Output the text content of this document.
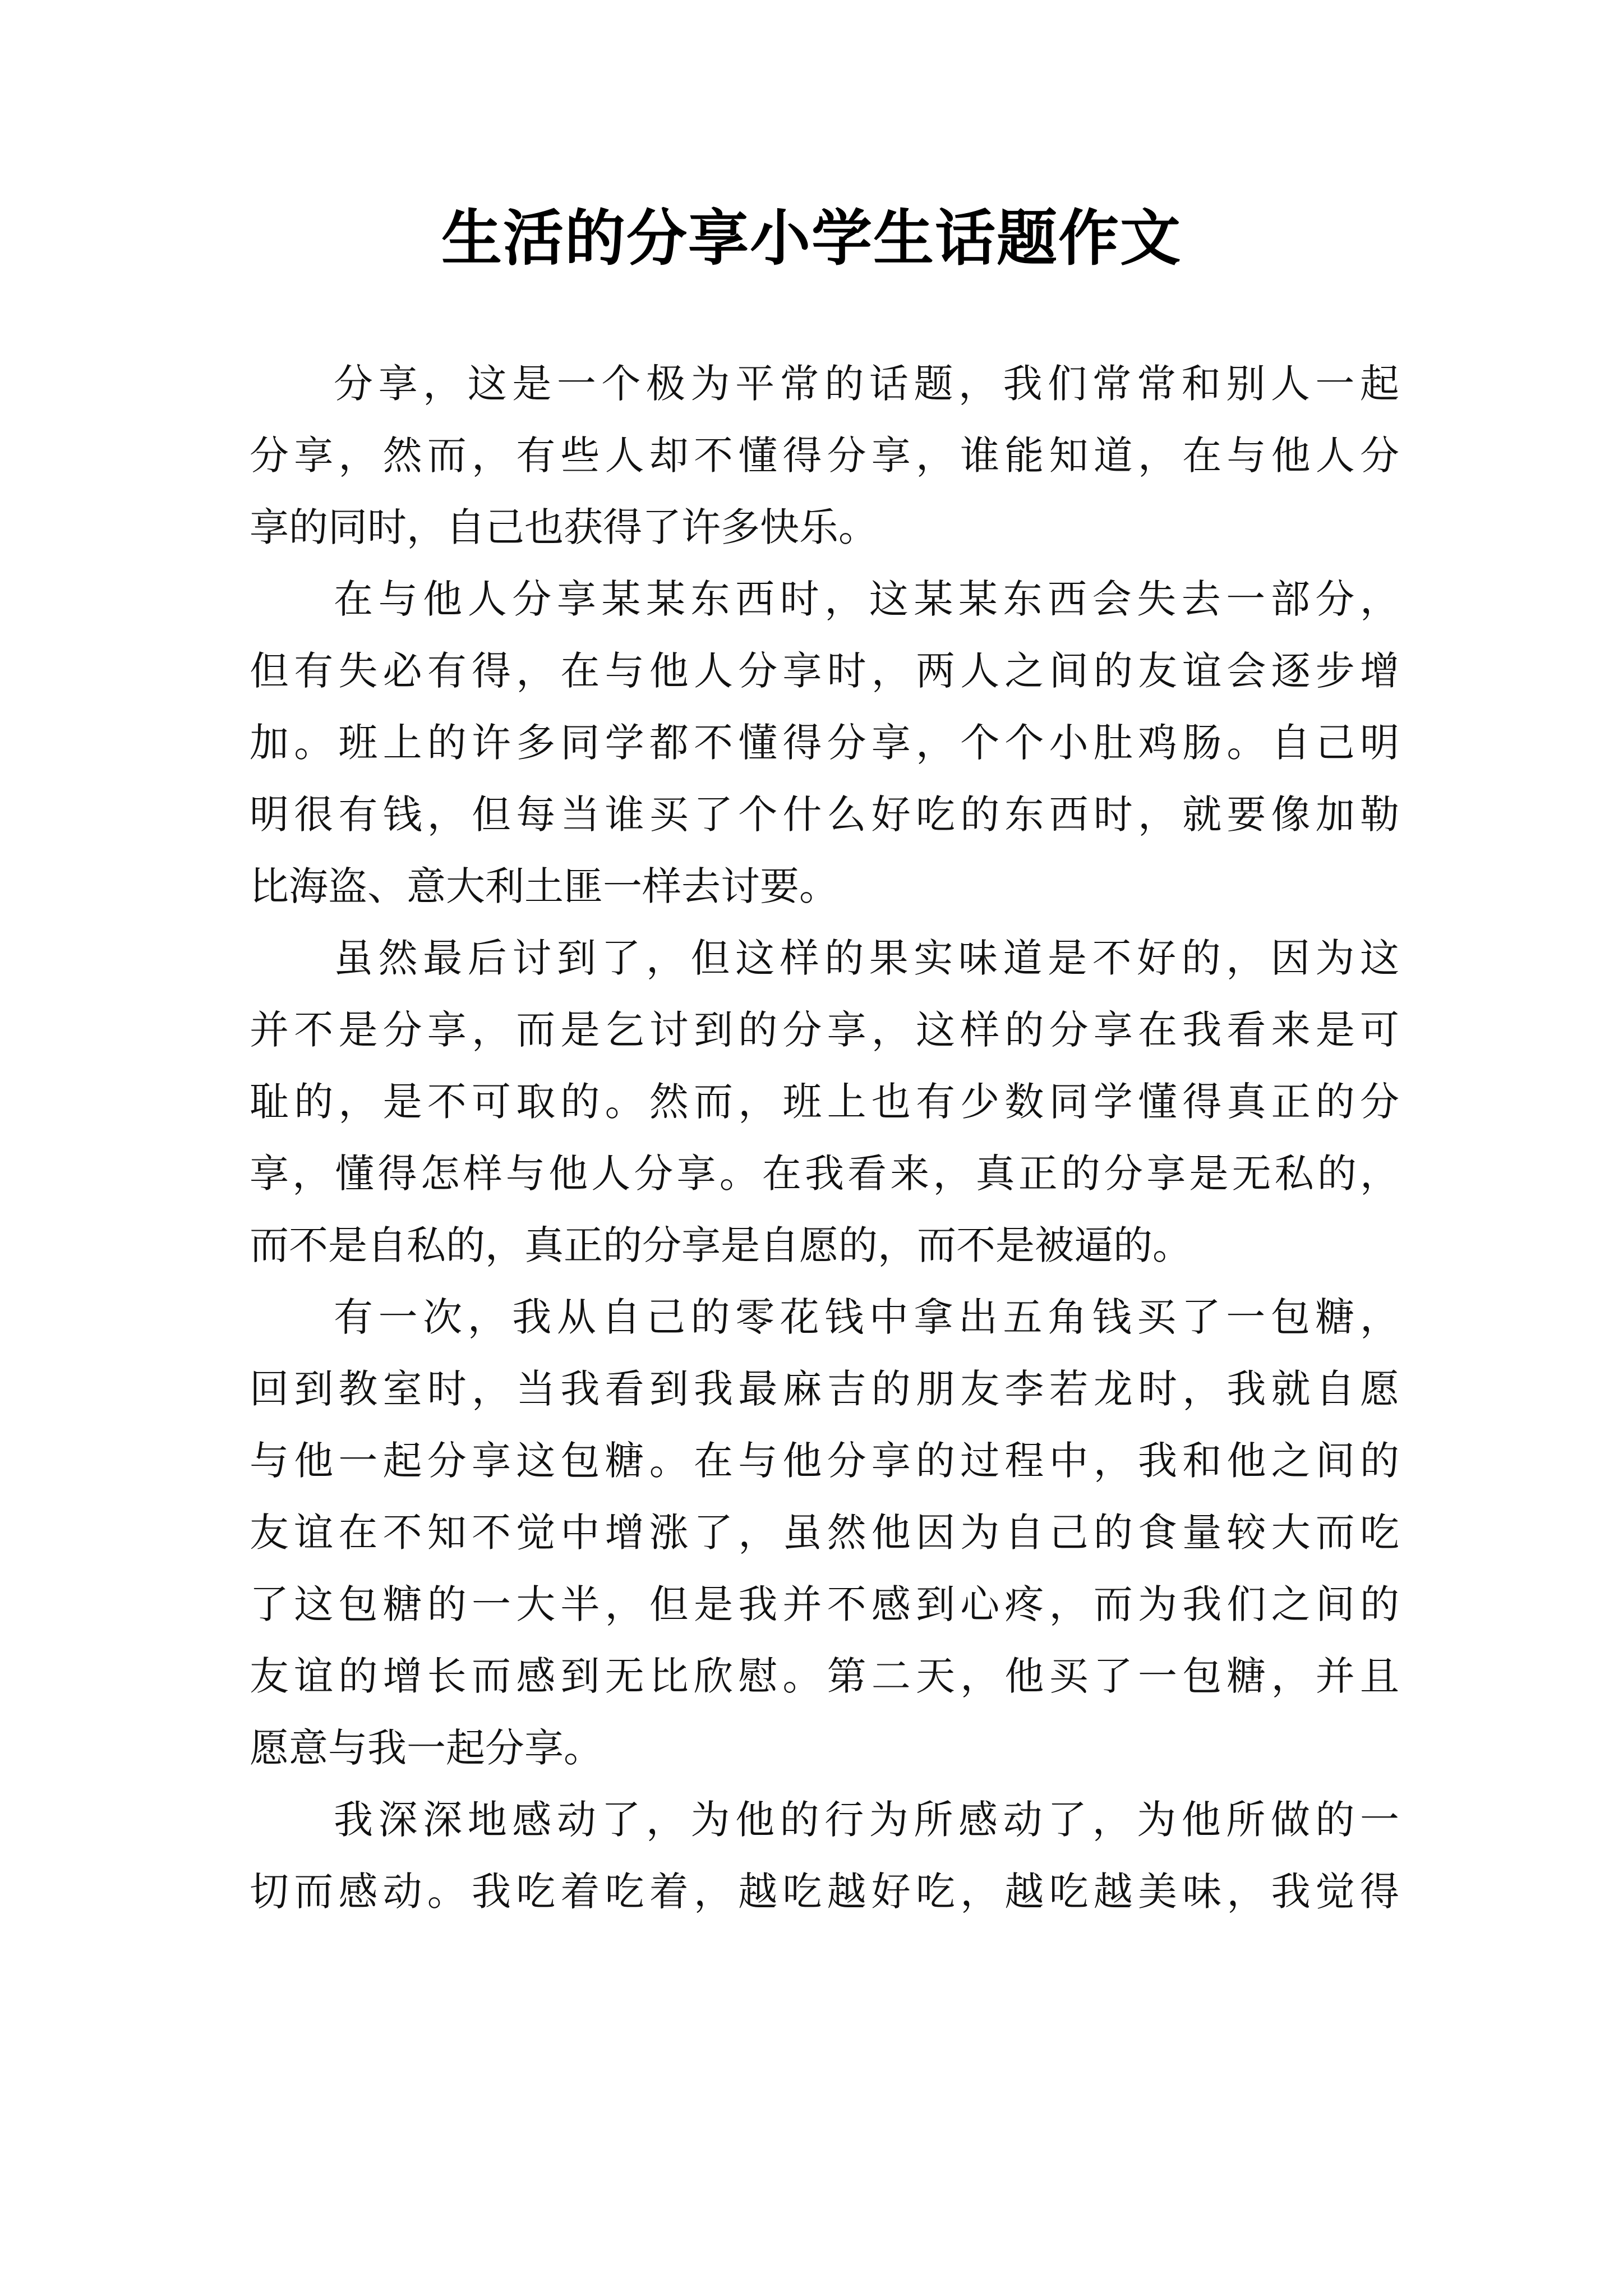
生活的分享小学生话题作文
分享，这是一个极为平常的话题，我们常常和别人一起
分享，然而，有些人却不懂得分享，谁能知道，在与他人分
享的同时，自己也获得了许多快乐。
在与他人分享某某东西时，这某某东西会失去一部分，
但有失必有得，在与他人分享时，两人之间的友谊会逐步增
加。班上的许多同学都不懂得分享，个个小肚鸡肠。自己明
明很有钱，但每当谁买了个什么好吃的东西时，就要像加勒
比海盗、意大利土匪一样去讨要。
虽然最后讨到了，但这样的果实味道是不好的，因为这
并不是分享，而是乞讨到的分享，这样的分享在我看来是可
耻的，是不可取的。然而，班上也有少数同学懂得真正的分
享，懂得怎样与他人分享。在我看来，真正的分享是无私的，
而不是自私的，真正的分享是自愿的，而不是被逼的。
有一次，我从自己的零花钱中拿出五角钱买了一包糖，
回到教室时，当我看到我最麻吉的朋友李若龙时，我就自愿
与他一起分享这包糖。在与他分享的过程中，我和他之间的
友谊在不知不觉中增涨了，虽然他因为自己的食量较大而吃
了这包糖的一大半，但是我并不感到心疼，而为我们之间的
友谊的增长而感到无比欣慰。第二天，他买了一包糖，并且
愿意与我一起分享。
我深深地感动了，为他的行为所感动了，为他所做的一
切而感动。我吃着吃着，越吃越好吃，越吃越美味，我觉得
